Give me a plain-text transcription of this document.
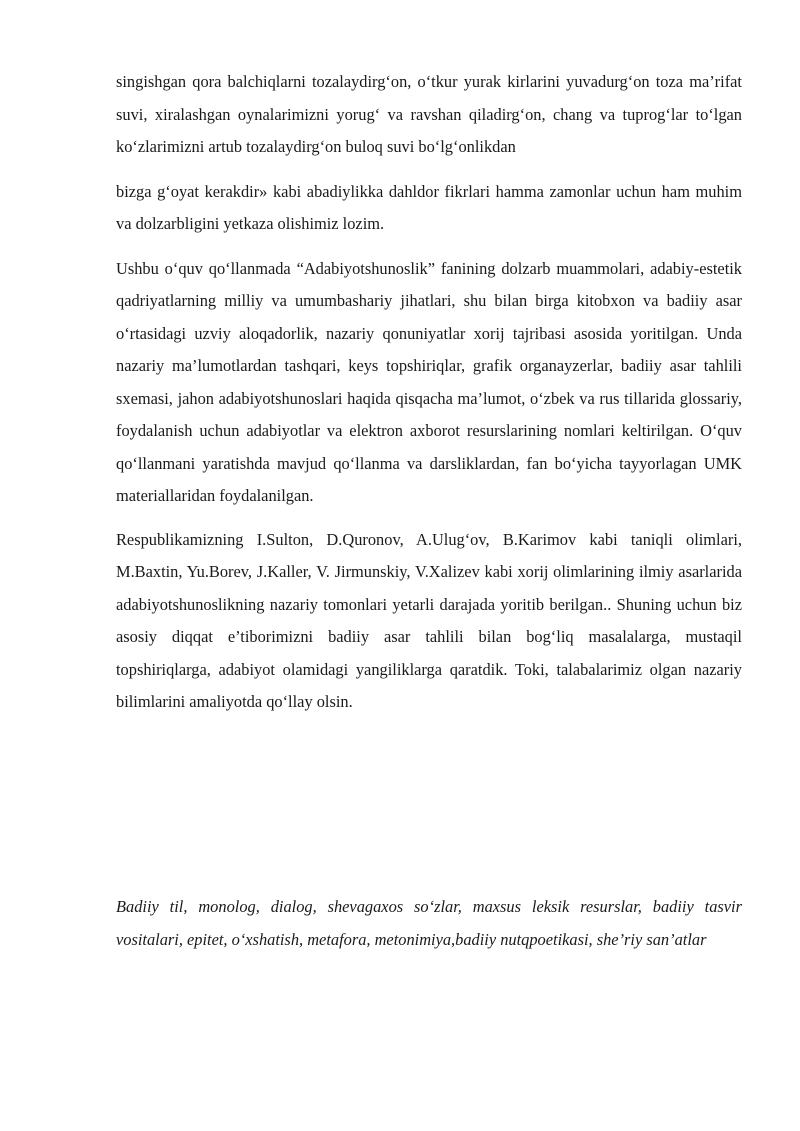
singishgan qora balchiqlarni tozalaydirg‘on, o‘tkur yurak kirlarini yuvadurg‘on toza ma’rifat suvi, xiralashgan oynalarimizni yorug‘ va ravshan qiladirg‘on, chang va tuprog‘lar to‘lgan ko‘zlarimizni artub tozalaydirg‘on buloq suvi bo‘lg‘onlikdan

bizga g‘oyat kerakdir» kabi abadiylikka dahldor fikrlari hamma zamonlar uchun ham muhim va dolzarbligini yetkaza olishimiz lozim.

Ushbu o‘quv qo‘llanmada “Adabiyotshunoslik” fanining dolzarb muammolari, adabiy-estetik qadriyatlarning milliy va umumbashariy jihatlari, shu bilan birga kitobxon va badiiy asar o‘rtasidagi uzviy aloqadorlik, nazariy qonuniyatlar xorij tajribasi asosida yoritilgan. Unda nazariy ma’lumotlardan tashqari, keys topshiriqlar, grafik organayzerlar, badiiy asar tahlili sxemasi, jahon adabiyotshunoslari haqida qisqacha ma’lumot, o‘zbek va rus tillarida glossariy, foydalanish uchun adabiyotlar va elektron axborot resurslarining nomlari keltirilgan. O‘quv qo‘llanmani yaratishda mavjud qo‘llanma va darsliklardan, fan bo‘yicha tayyorlagan UMK materiallaridan foydalanilgan.

Respublikamizning I.Sulton, D.Quronov, A.Ulug‘ov, B.Karimov kabi taniqli olimlari, M.Baxtin, Yu.Borev, J.Kaller, V. Jirmunskiy, V.Xalizev kabi xorij olimlarining ilmiy asarlarida adabiyotshunoslikning nazariy tomonlari yetarli darajada yoritib berilgan.. Shuning uchun biz asosiy diqqat e’tiborimizni badiiy asar tahlili bilan bog‘liq masalalarga, mustaqil topshiriqlarga, adabiyot olamidagi yangiliklarga qaratdik. Toki, talabalarimiz olgan nazariy bilimlarini amaliyotda qo‘llay olsin.

Badiiy til, monolog, dialog, shevagaxos so‘zlar, maxsus leksik resurslar, badiiy tasvir vositalari, epitet, o‘xshatish, metafora, metonimiya,badiiy nutqpoetikasi, she’riy san’atlar
